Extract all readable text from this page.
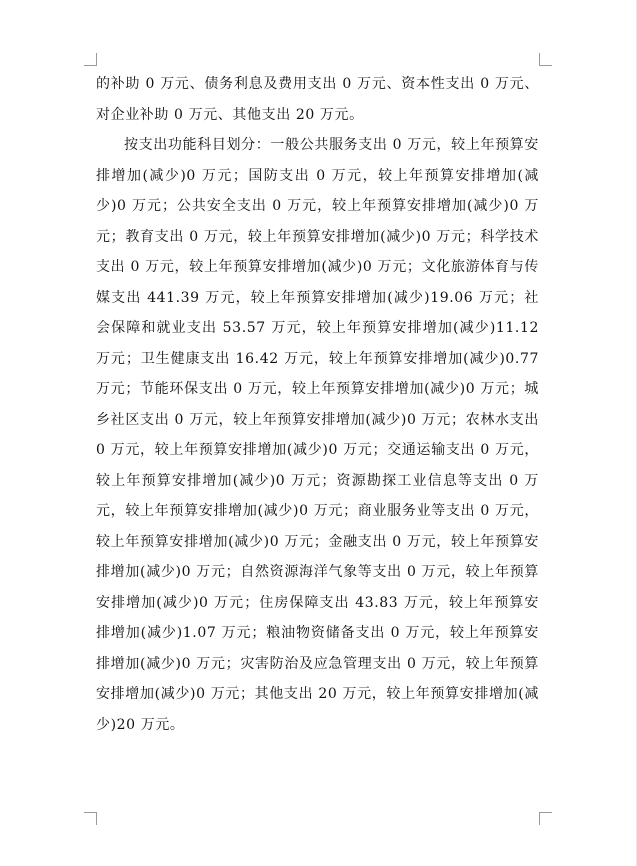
的补助 0 万元、债务利息及费用支出 0 万元、资本性支出 0 万元、对企业补助 0 万元、其他支出 20 万元。

按支出功能科目划分：一般公共服务支出 0 万元，较上年预算安排增加(减少)0 万元；国防支出 0 万元，较上年预算安排增加(减少)0 万元；公共安全支出 0 万元，较上年预算安排增加(减少)0 万元；教育支出 0 万元，较上年预算安排增加(减少)0 万元；科学技术支出 0 万元，较上年预算安排增加(减少)0 万元；文化旅游体育与传媒支出 441.39 万元，较上年预算安排增加(减少)19.06 万元；社会保障和就业支出 53.57 万元，较上年预算安排增加(减少)11.12 万元；卫生健康支出 16.42 万元，较上年预算安排增加(减少)0.77 万元；节能环保支出 0 万元，较上年预算安排增加(减少)0 万元；城乡社区支出 0 万元，较上年预算安排增加(减少)0 万元；农林水支出 0 万元，较上年预算安排增加(减少)0 万元；交通运输支出 0 万元，较上年预算安排增加(减少)0 万元；资源勘探工业信息等支出 0 万元，较上年预算安排增加(减少)0 万元；商业服务业等支出 0 万元，较上年预算安排增加(减少)0 万元；金融支出 0 万元，较上年预算安排增加(减少)0 万元；自然资源海洋气象等支出 0 万元，较上年预算安排增加(减少)0 万元；住房保障支出 43.83 万元，较上年预算安排增加(减少)1.07 万元；粮油物资储备支出 0 万元，较上年预算安排增加(减少)0 万元；灾害防治及应急管理支出 0 万元，较上年预算安排增加(减少)0 万元；其他支出 20 万元，较上年预算安排增加(减少)20 万元。
